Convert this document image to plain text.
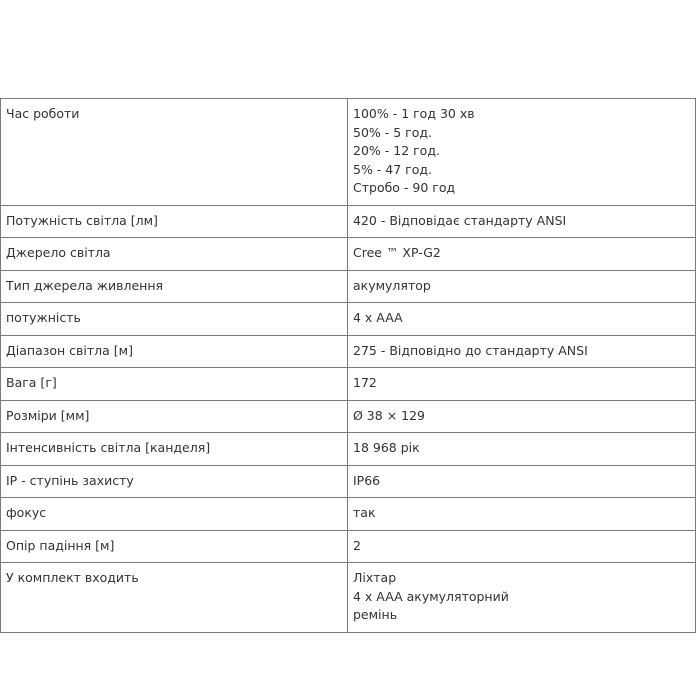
Час роботи	100% - 1 год 30 хв
50% - 5 год.
20% - 12 год.
5% - 47 год.
Стробо - 90 год

Потужність світла [лм]	420 - Відповідає стандарту ANSI

Джерело світла	Cree ™ XP-G2

Тип джерела живлення	акумулятор

потужність	4 x AAA

Діапазон світла [м]	275 - Відповідно до стандарту ANSI

Вага [г]	172

Розміри [мм]	Ø 38 × 129

Інтенсивність світла [канделя]	18 968 рік

IP - ступінь захисту	IP66

фокус	так

Опір падіння [м]	2

У комплект входить	Ліхтар
4 x AAA акумуляторний
ремінь
